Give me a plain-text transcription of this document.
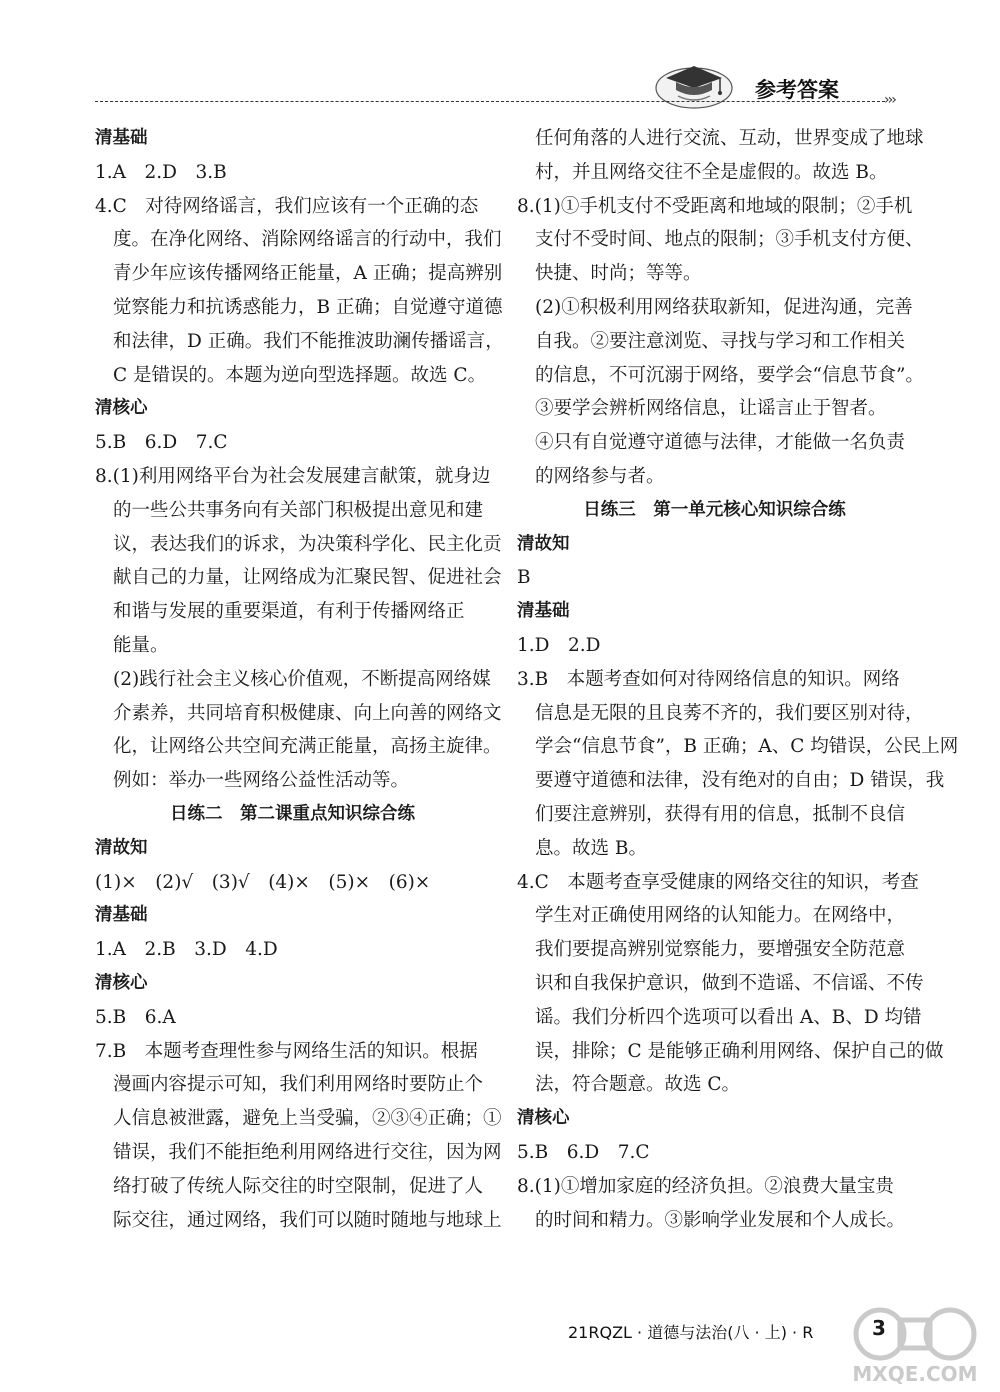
参考答案	›››
清基础
1.A　2.D　3.B
4.C　对待网络谣言，我们应该有一个正确的态
度。在净化网络、消除网络谣言的行动中，我们
青少年应该传播网络正能量，A 正确；提高辨别
觉察能力和抗诱惑能力，B 正确；自觉遵守道德
和法律，D 正确。我们不能推波助澜传播谣言，
C 是错误的。本题为逆向型选择题。故选 C。
清核心
5.B　6.D　7.C
8.(1)利用网络平台为社会发展建言献策，就身边
的一些公共事务向有关部门积极提出意见和建
议，表达我们的诉求，为决策科学化、民主化贡
献自己的力量，让网络成为汇聚民智、促进社会
和谐与发展的重要渠道，有利于传播网络正
能量。
(2)践行社会主义核心价值观，不断提高网络媒
介素养，共同培育积极健康、向上向善的网络文
化，让网络公共空间充满正能量，高扬主旋律。
例如：举办一些网络公益性活动等。
日练二　第二课重点知识综合练
清故知
(1)×　(2)√　(3)√　(4)×　(5)×　(6)×
清基础
1.A　2.B　3.D　4.D
清核心
5.B　6.A
7.B　本题考查理性参与网络生活的知识。根据
漫画内容提示可知，我们利用网络时要防止个
人信息被泄露，避免上当受骗，②③④正确；①
错误，我们不能拒绝利用网络进行交往，因为网
络打破了传统人际交往的时空限制，促进了人
际交往，通过网络，我们可以随时随地与地球上
任何角落的人进行交流、互动，世界变成了地球
村，并且网络交往不全是虚假的。故选 B。
8.(1)①手机支付不受距离和地域的限制；②手机
支付不受时间、地点的限制；③手机支付方便、
快捷、时尚；等等。
(2)①积极利用网络获取新知，促进沟通，完善
自我。②要注意浏览、寻找与学习和工作相关
的信息，不可沉溺于网络，要学会“信息节食”。
③要学会辨析网络信息，让谣言止于智者。
④只有自觉遵守道德与法律，才能做一名负责
的网络参与者。
日练三　第一单元核心知识综合练
清故知
B
清基础
1.D　2.D
3.B　本题考查如何对待网络信息的知识。网络
信息是无限的且良莠不齐的，我们要区别对待，
学会“信息节食”，B 正确；A、C 均错误，公民上网
要遵守道德和法律，没有绝对的自由；D 错误，我
们要注意辨别，获得有用的信息，抵制不良信
息。故选 B。
4.C　本题考查享受健康的网络交往的知识，考查
学生对正确使用网络的认知能力。在网络中，
我们要提高辨别觉察能力，要增强安全防范意
识和自我保护意识，做到不造谣、不信谣、不传
谣。我们分析四个选项可以看出 A、B、D 均错
误，排除；C 是能够正确利用网络、保护自己的做
法，符合题意。故选 C。
清核心
5.B　6.D　7.C
8.(1)①增加家庭的经济负担。②浪费大量宝贵
的时间和精力。③影响学业发展和个人成长。
21RQZL · 道德与法治(八 · 上) · R	3
MXQE.COM
